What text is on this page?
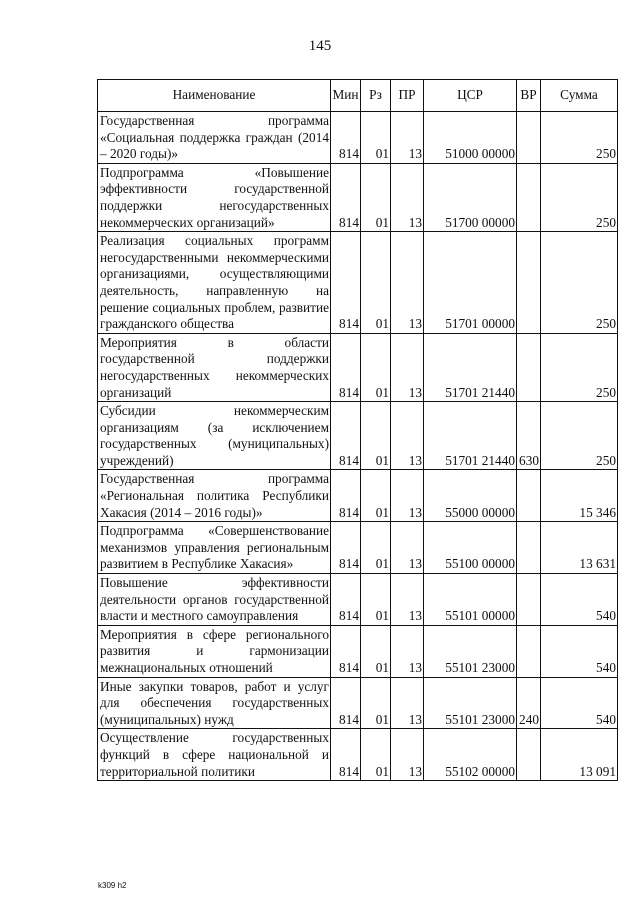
145
Наименование	Мин	Рз	ПР	ЦСР	ВР	Сумма
Государственная программа «Социальная поддержка граждан (2014 – 2020 годы)»	814	01	13	51000 00000		250
Подпрограмма «Повышение эффективности государственной поддержки негосударственных некоммерческих организаций»	814	01	13	51700 00000		250
Реализация социальных программ негосударственными некоммерческими организациями, осуществляющими деятельность, направленную на решение социальных проблем, развитие гражданского общества	814	01	13	51701 00000		250
Мероприятия в области государственной поддержки негосударственных некоммерческих организаций	814	01	13	51701 21440		250
Субсидии некоммерческим организациям (за исключением государственных (муниципальных) учреждений)	814	01	13	51701 21440	630	250
Государственная программа «Региональная политика Республики Хакасия (2014 – 2016 годы)»	814	01	13	55000 00000		15 346
Подпрограмма «Совершенствование механизмов управления региональным развитием в Республике Хакасия»	814	01	13	55100 00000		13 631
Повышение эффективности деятельности органов государственной власти и местного самоуправления	814	01	13	55101 00000		540
Мероприятия в сфере регионального развития и гармонизации межнациональных отношений	814	01	13	55101 23000		540
Иные закупки товаров, работ и услуг для обеспечения государственных (муниципальных) нужд	814	01	13	55101 23000	240	540
Осуществление государственных функций в сфере национальной и территориальной политики	814	01	13	55102 00000		13 091
k309 h2
